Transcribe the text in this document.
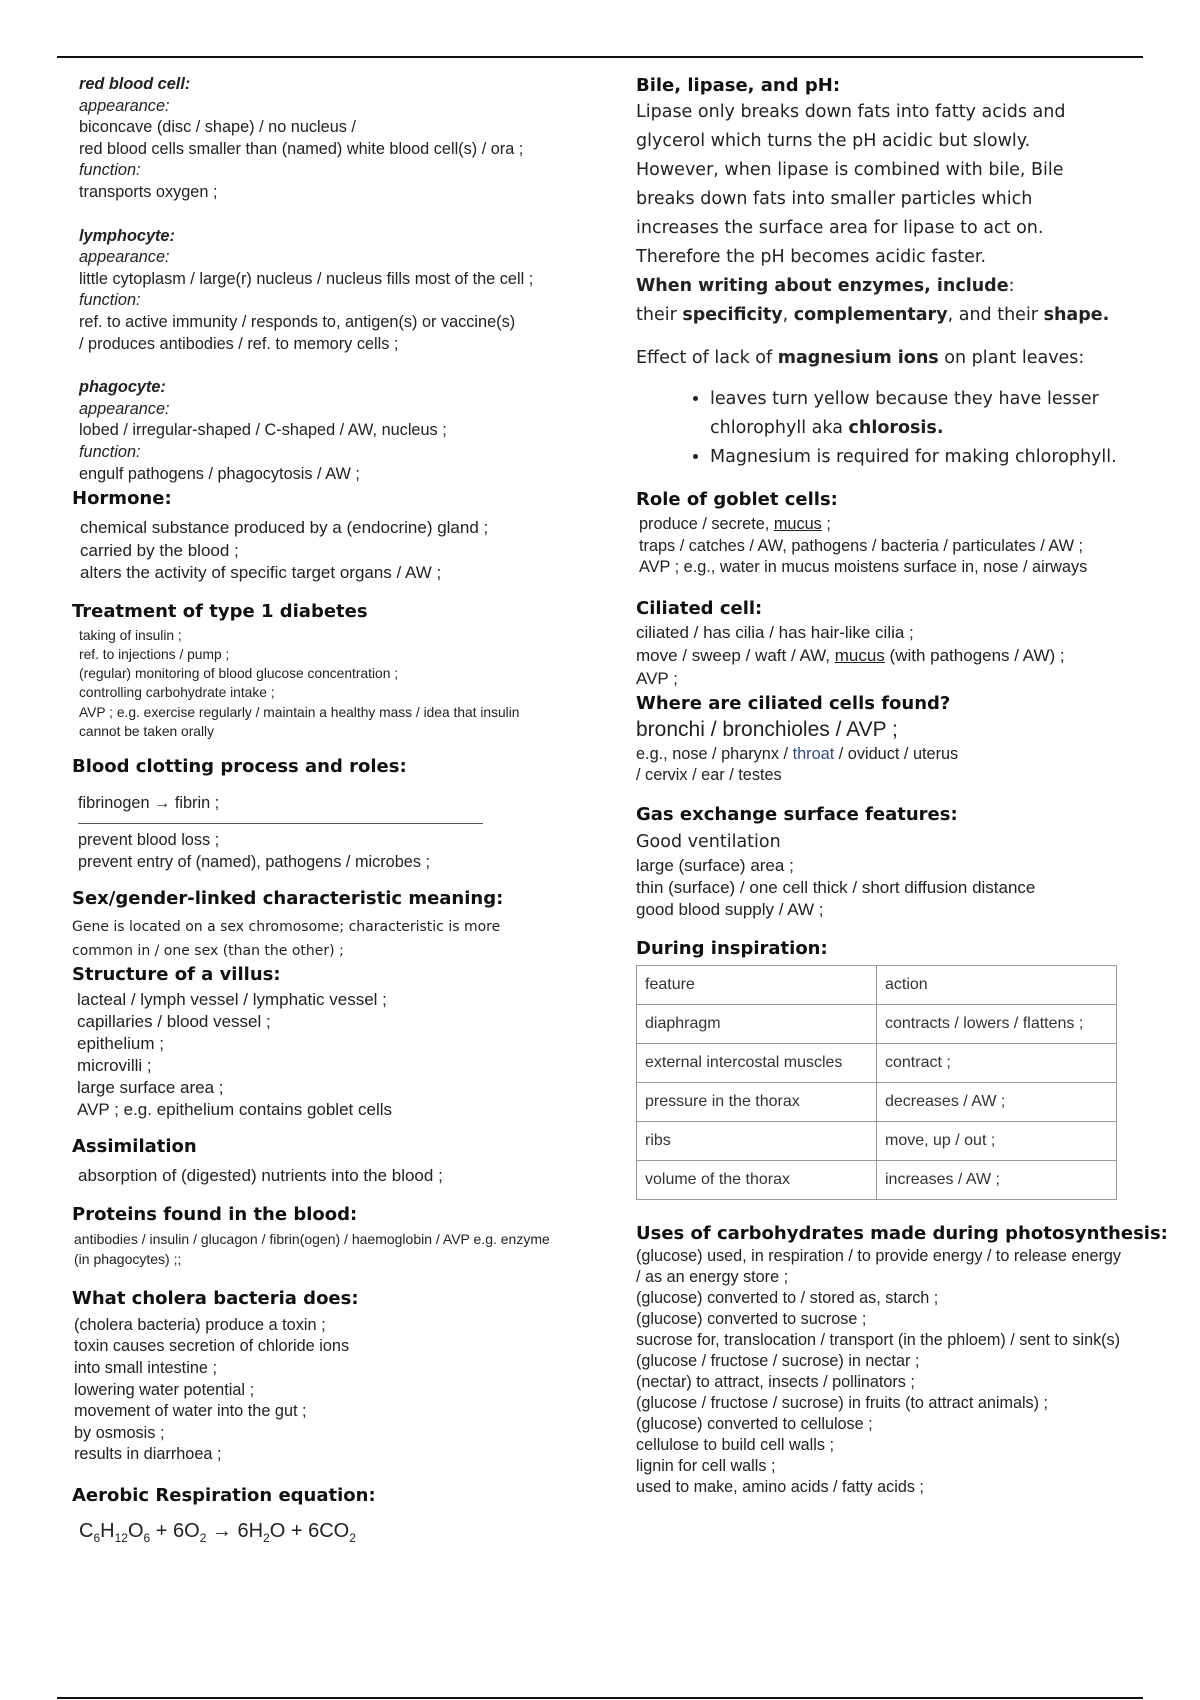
red blood cell:
appearance:
biconcave (disc / shape) / no nucleus /
red blood cells smaller than (named) white blood cell(s) / ora ;
function:
transports oxygen ;
lymphocyte:
appearance:
little cytoplasm / large(r) nucleus / nucleus fills most of the cell ;
function:
ref. to active immunity / responds to, antigen(s) or vaccine(s)
/ produces antibodies / ref. to memory cells ;
phagocyte:
appearance:
lobed / irregular-shaped / C-shaped / AW, nucleus ;
function:
engulf pathogens / phagocytosis / AW ;
Hormone:
chemical substance produced by a (endocrine) gland ;
carried by the blood ;
alters the activity of specific target organs / AW ;
Treatment of type 1 diabetes
taking of insulin ;
ref. to injections / pump ;
(regular) monitoring of blood glucose concentration ;
controlling carbohydrate intake ;
AVP ; e.g. exercise regularly / maintain a healthy mass / idea that insulin
cannot be taken orally
Blood clotting process and roles:
fibrinogen → fibrin ;
prevent blood loss ;
prevent entry of (named), pathogens / microbes ;
Sex/gender-linked characteristic meaning:
Gene is located on a sex chromosome; characteristic is more
common in / one sex (than the other) ;
Structure of a villus:
lacteal / lymph vessel / lymphatic vessel ;
capillaries / blood vessel ;
epithelium ;
microvilli ;
large surface area ;
AVP ; e.g. epithelium contains goblet cells
Assimilation
absorption of (digested) nutrients into the blood ;
Proteins found in the blood:
antibodies / insulin / glucagon / fibrin(ogen) / haemoglobin / AVP e.g. enzyme
(in phagocytes) ;;
What cholera bacteria does:
(cholera bacteria) produce a toxin ;
toxin causes secretion of chloride ions
into small intestine ;
lowering water potential ;
movement of water into the gut ;
by osmosis ;
results in diarrhoea ;
Aerobic Respiration equation:
$C_6H_{12}O_6 + 6O_2 \to 6H_2O + 6CO_2$
Bile, lipase, and pH:
Lipase only breaks down fats into fatty acids and
glycerol which turns the pH acidic but slowly.
However, when lipase is combined with bile, Bile
breaks down fats into smaller particles which
increases the surface area for lipase to act on.
Therefore the pH becomes acidic faster.
When writing about enzymes, include:
their specificity, complementary, and their shape.
Effect of lack of magnesium ions on plant leaves:
• leaves turn yellow because they have lesser
chlorophyll aka chlorosis.
• Magnesium is required for making chlorophyll.
Role of goblet cells:
produce / secrete, mucus ;
traps / catches / AW, pathogens / bacteria / particulates / AW ;
AVP ; e.g., water in mucus moistens surface in, nose / airways
Ciliated cell:
ciliated / has cilia / has hair-like cilia ;
move / sweep / waft / AW, mucus (with pathogens / AW) ;
AVP ;
Where are ciliated cells found?
bronchi / bronchioles / AVP ;
e.g., nose / pharynx / throat / oviduct / uterus
/ cervix / ear / testes
Gas exchange surface features:
Good ventilation
large (surface) area ;
thin (surface) / one cell thick / short diffusion distance
good blood supply / AW ;
During inspiration:
feature	action
diaphragm	contracts / lowers / flattens ;
external intercostal muscles	contract ;
pressure in the thorax	decreases / AW ;
ribs	move, up / out ;
volume of the thorax	increases / AW ;
Uses of carbohydrates made during photosynthesis:
(glucose) used, in respiration / to provide energy / to release energy
/ as an energy store ;
(glucose) converted to / stored as, starch ;
(glucose) converted to sucrose ;
sucrose for, translocation / transport (in the phloem) / sent to sink(s)
(glucose / fructose / sucrose) in nectar ;
(nectar) to attract, insects / pollinators ;
(glucose / fructose / sucrose) in fruits (to attract animals) ;
(glucose) converted to cellulose ;
cellulose to build cell walls ;
lignin for cell walls ;
used to make, amino acids / fatty acids ;
